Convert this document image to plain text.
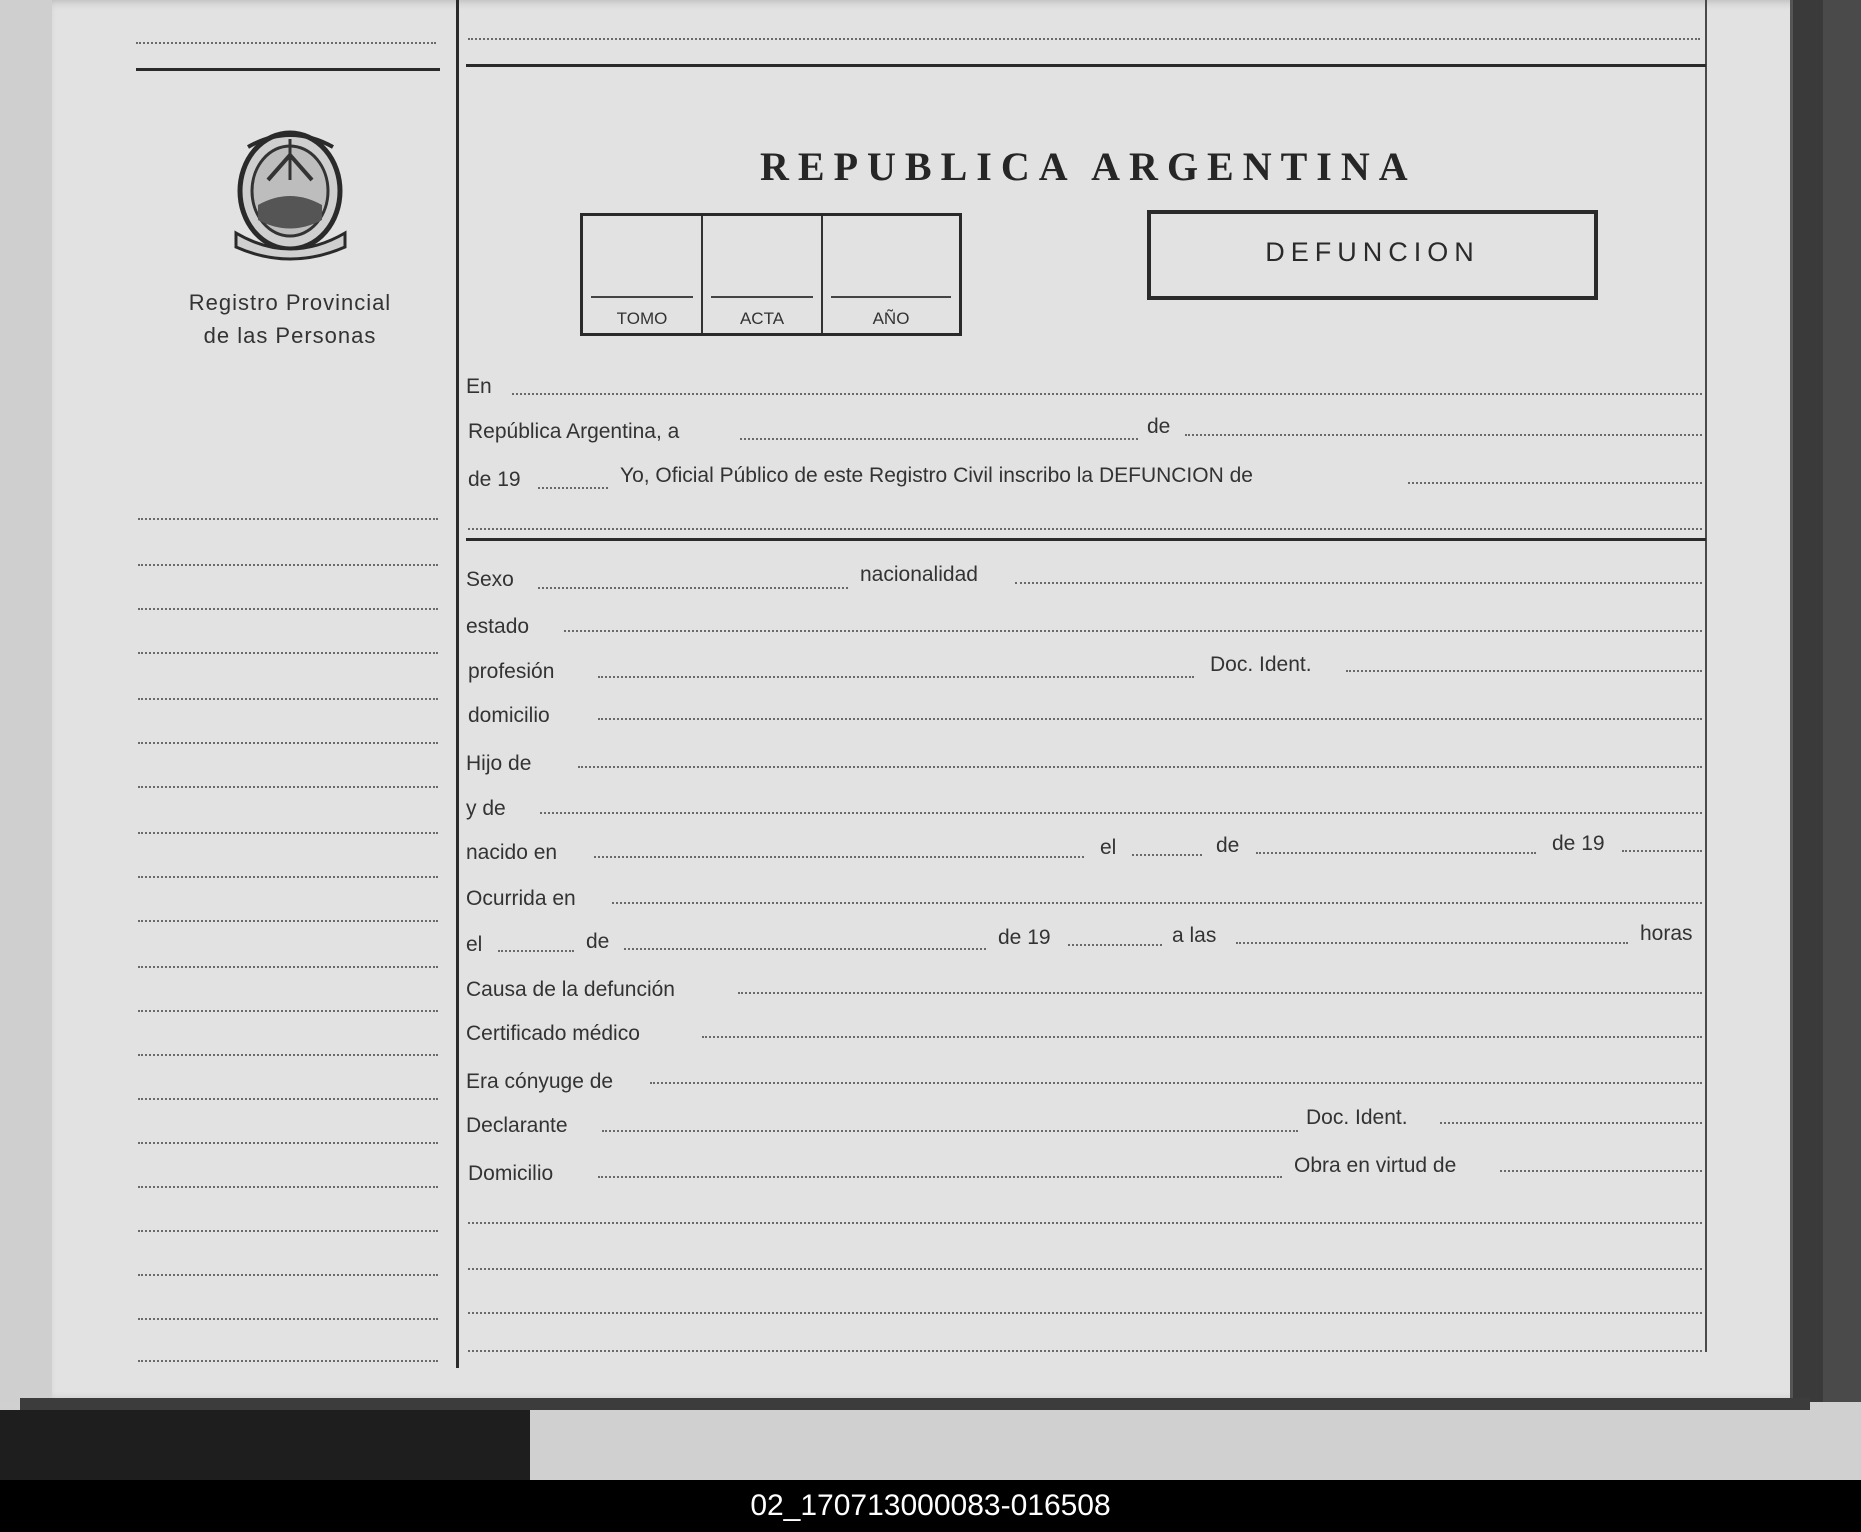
Registro Provincial
de las Personas
REPUBLICA ARGENTINA
TOMO	ACTA	AÑO
DEFUNCION
En
República Argentina, a	de
de 19	Yo, Oficial Público de este Registro Civil inscribo la DEFUNCION de
Sexo	nacionalidad
estado
profesión	Doc. Ident.
domicilio
Hijo de
y de
nacido en	el	de	de 19
Ocurrida en
el	de	de 19	a las	horas
Causa de la defunción
Certificado médico
Era cónyuge de
Declarante	Doc. Ident.
Domicilio	Obra en virtud de
02_170713000083-016508
